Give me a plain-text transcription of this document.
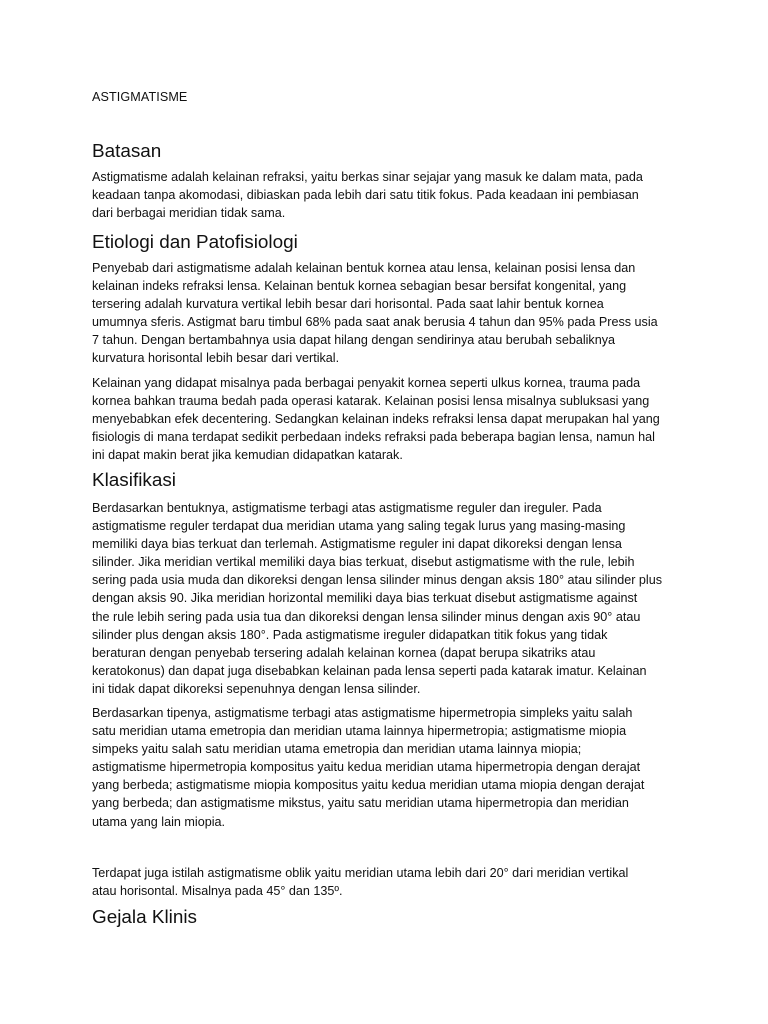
ASTIGMATISME
Batasan

Astigmatisme adalah kelainan refraksi, yaitu berkas sinar sejajar yang masuk ke dalam mata, pada
keadaan tanpa akomodasi, dibiaskan pada lebih dari satu titik fokus. Pada keadaan ini pembiasan
dari berbagai meridian tidak sama.

Etiologi dan Patofisiologi

Penyebab dari astigmatisme adalah kelainan bentuk kornea atau lensa, kelainan posisi lensa dan
kelainan indeks refraksi lensa. Kelainan bentuk kornea sebagian besar bersifat kongenital, yang
tersering adalah kurvatura vertikal lebih besar dari horisontal. Pada saat lahir bentuk kornea
umumnya sferis. Astigmat baru timbul 68% pada saat anak berusia 4 tahun dan 95% pada Press usia
7 tahun. Dengan bertambahnya usia dapat hilang dengan sendirinya atau berubah sebaliknya
kurvatura horisontal lebih besar dari vertikal.

Kelainan yang didapat misalnya pada berbagai penyakit kornea seperti ulkus kornea, trauma pada
kornea bahkan trauma bedah pada operasi katarak. Kelainan posisi lensa misalnya subluksasi yang
menyebabkan efek decentering. Sedangkan kelainan indeks refraksi lensa dapat merupakan hal yang
fisiologis di mana terdapat sedikit perbedaan indeks refraksi pada beberapa bagian lensa, namun hal
ini dapat makin berat jika kemudian didapatkan katarak.

Klasifikasi

Berdasarkan bentuknya, astigmatisme terbagi atas astigmatisme reguler dan ireguler. Pada
astigmatisme reguler terdapat dua meridian utama yang saling tegak lurus yang masing-masing
memiliki daya bias terkuat dan terlemah. Astigmatisme reguler ini dapat dikoreksi dengan lensa
silinder. Jika meridian vertikal memiliki daya bias terkuat, disebut astigmatisme with the rule, lebih
sering pada usia muda dan dikoreksi dengan lensa silinder minus dengan aksis 180° atau silinder plus
dengan aksis 90. Jika meridian horizontal memiliki daya bias terkuat disebut astigmatisme against
the rule lebih sering pada usia tua dan dikoreksi dengan lensa silinder minus dengan axis 90° atau
silinder plus dengan aksis 180°. Pada astigmatisme ireguler didapatkan titik fokus yang tidak
beraturan dengan penyebab tersering adalah kelainan kornea (dapat berupa sikatriks atau
keratokonus) dan dapat juga disebabkan kelainan pada lensa seperti pada katarak imatur. Kelainan
ini tidak dapat dikoreksi sepenuhnya dengan lensa silinder.

Berdasarkan tipenya, astigmatisme terbagi atas astigmatisme hipermetropia simpleks yaitu salah
satu meridian utama emetropia dan meridian utama lainnya hipermetropia; astigmatisme miopia
simpeks yaitu salah satu meridian utama emetropia dan meridian utama lainnya miopia;
astigmatisme hipermetropia kompositus yaitu kedua meridian utama hipermetropia dengan derajat
yang berbeda; astigmatisme miopia kompositus yaitu kedua meridian utama miopia dengan derajat
yang berbeda; dan astigmatisme mikstus, yaitu satu meridian utama hipermetropia dan meridian
utama yang lain miopia.

Terdapat juga istilah astigmatisme oblik yaitu meridian utama lebih dari 20° dari meridian vertikal
atau horisontal. Misalnya pada 45° dan 135º.

Gejala Klinis
